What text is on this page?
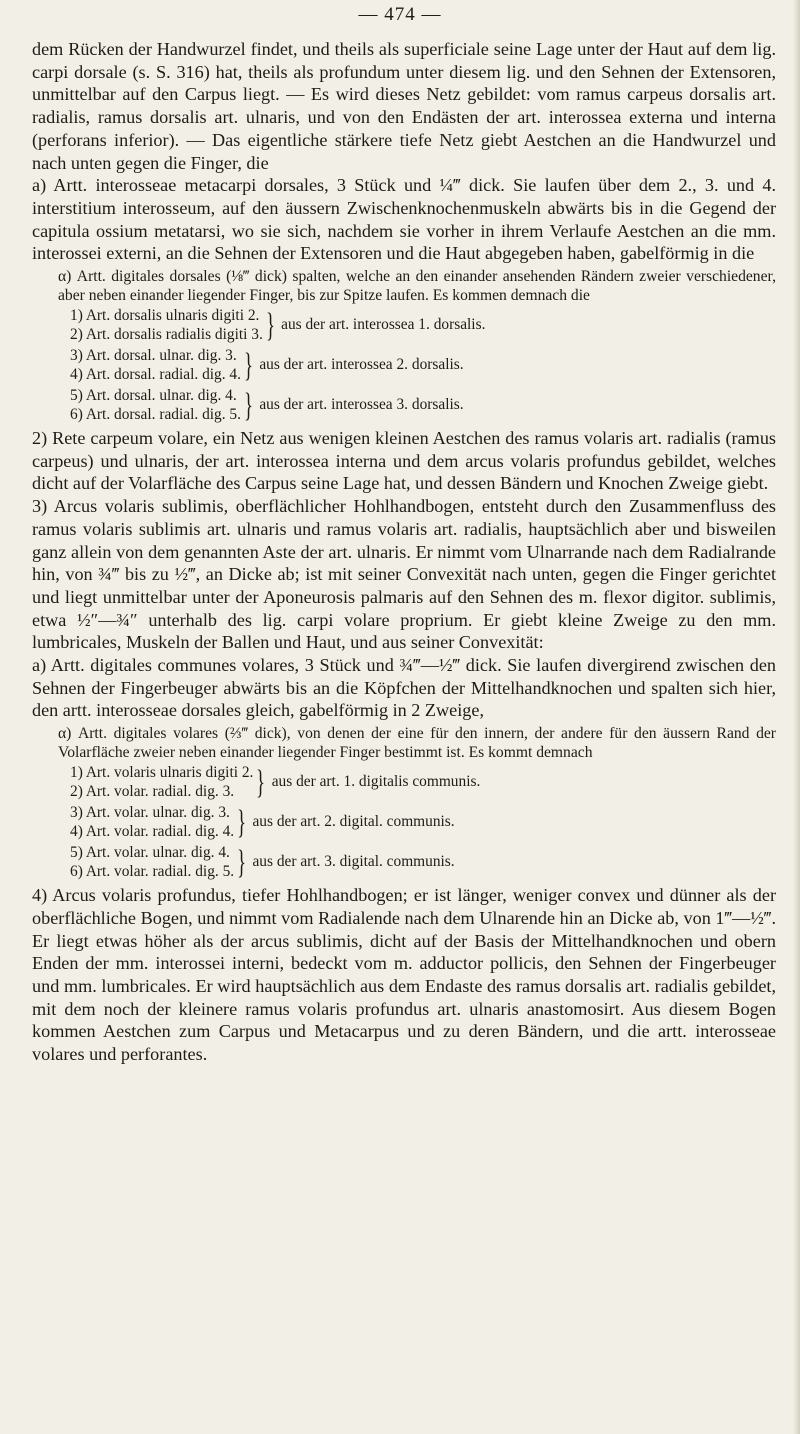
— 474 —

dem Rücken der Handwurzel findet, und theils als superficiale seine Lage unter der Haut auf dem lig. carpi dorsale (s. S. 316) hat, theils als profundum unter diesem lig. und den Sehnen der Extensoren, unmittelbar auf den Carpus liegt. — Es wird dieses Netz gebildet: vom ramus carpeus dorsalis art. radialis, ramus dorsalis art. ulnaris, und von den Endästen der art. interossea externa und interna (perforans inferior). — Das eigentliche stärkere tiefe Netz giebt Aestchen an die Handwurzel und nach unten gegen die Finger, die

a) Artt. interosseae metacarpi dorsales, 3 Stück und ¼‴ dick. Sie laufen über dem 2., 3. und 4. interstitium interosseum, auf den äussern Zwischenknochenmuskeln abwärts bis in die Gegend der capitula ossium metatarsi, wo sie sich, nachdem sie vorher in ihrem Verlaufe Aestchen an die mm. interossei externi, an die Sehnen der Extensoren und die Haut abgegeben haben, gabelförmig in die

α) Artt. digitales dorsales (⅛‴ dick) spalten, welche an den einander ansehenden Rändern zweier verschiedener, aber neben einander liegender Finger, bis zur Spitze laufen. Es kommen demnach die

1) Art. dorsalis ulnaris digiti 2.
2) Art. dorsalis radialis digiti 3. } aus der art. interossea 1. dorsalis.
3) Art. dorsal. ulnar. dig. 3.
4) Art. dorsal. radial. dig. 4. } aus der art. interossea 2. dorsalis.
5) Art. dorsal. ulnar. dig. 4.
6) Art. dorsal. radial. dig. 5. } aus der art. interossea 3. dorsalis.

2) Rete carpeum volare, ein Netz aus wenigen kleinen Aestchen des ramus volaris art. radialis (ramus carpeus) und ulnaris, der art. interossea interna und dem arcus volaris profundus gebildet, welches dicht auf der Volarfläche des Carpus seine Lage hat, und dessen Bändern und Knochen Zweige giebt.

3) Arcus volaris sublimis, oberflächlicher Hohlhandbogen, entsteht durch den Zusammenfluss des ramus volaris sublimis art. ulnaris und ramus volaris art. radialis, hauptsächlich aber und bisweilen ganz allein von dem genannten Aste der art. ulnaris. Er nimmt vom Ulnarrande nach dem Radialrande hin, von ¾‴ bis zu ½‴, an Dicke ab; ist mit seiner Convexität nach unten, gegen die Finger gerichtet und liegt unmittelbar unter der Aponeurosis palmaris auf den Sehnen des m. flexor digitor. sublimis, etwa ½″—¾″ unterhalb des lig. carpi volare proprium. Er giebt kleine Zweige zu den mm. lumbricales, Muskeln der Ballen und Haut, und aus seiner Convexität:

a) Artt. digitales communes volares, 3 Stück und ¾‴—½‴ dick. Sie laufen divergirend zwischen den Sehnen der Fingerbeuger abwärts bis an die Köpfchen der Mittelhandknochen und spalten sich hier, den artt. interosseae dorsales gleich, gabelförmig in 2 Zweige,

α) Artt. digitales volares (⅔‴ dick), von denen der eine für den innern, der andere für den äussern Rand der Volarfläche zweier neben einander liegender Finger bestimmt ist. Es kommt demnach

1) Art. volaris ulnaris digiti 2.
2) Art. volar. radial. dig. 3. } aus der art. 1. digitalis communis.
3) Art. volar. ulnar. dig. 3.
4) Art. volar. radial. dig. 4. } aus der art. 2. digital. communis.
5) Art. volar. ulnar. dig. 4.
6) Art. volar. radial. dig. 5. } aus der art. 3. digital. communis.

4) Arcus volaris profundus, tiefer Hohlhandbogen; er ist länger, weniger convex und dünner als der oberflächliche Bogen, und nimmt vom Radialende nach dem Ulnarende hin an Dicke ab, von 1‴—½‴. Er liegt etwas höher als der arcus sublimis, dicht auf der Basis der Mittelhandknochen und obern Enden der mm. interossei interni, bedeckt vom m. adductor pollicis, den Sehnen der Fingerbeuger und mm. lumbricales. Er wird hauptsächlich aus dem Endaste des ramus dorsalis art. radialis gebildet, mit dem noch der kleinere ramus volaris profundus art. ulnaris anastomosirt. Aus diesem Bogen kommen Aestchen zum Carpus und Metacarpus und zu deren Bändern, und die artt. interosseae volares und perforantes.
